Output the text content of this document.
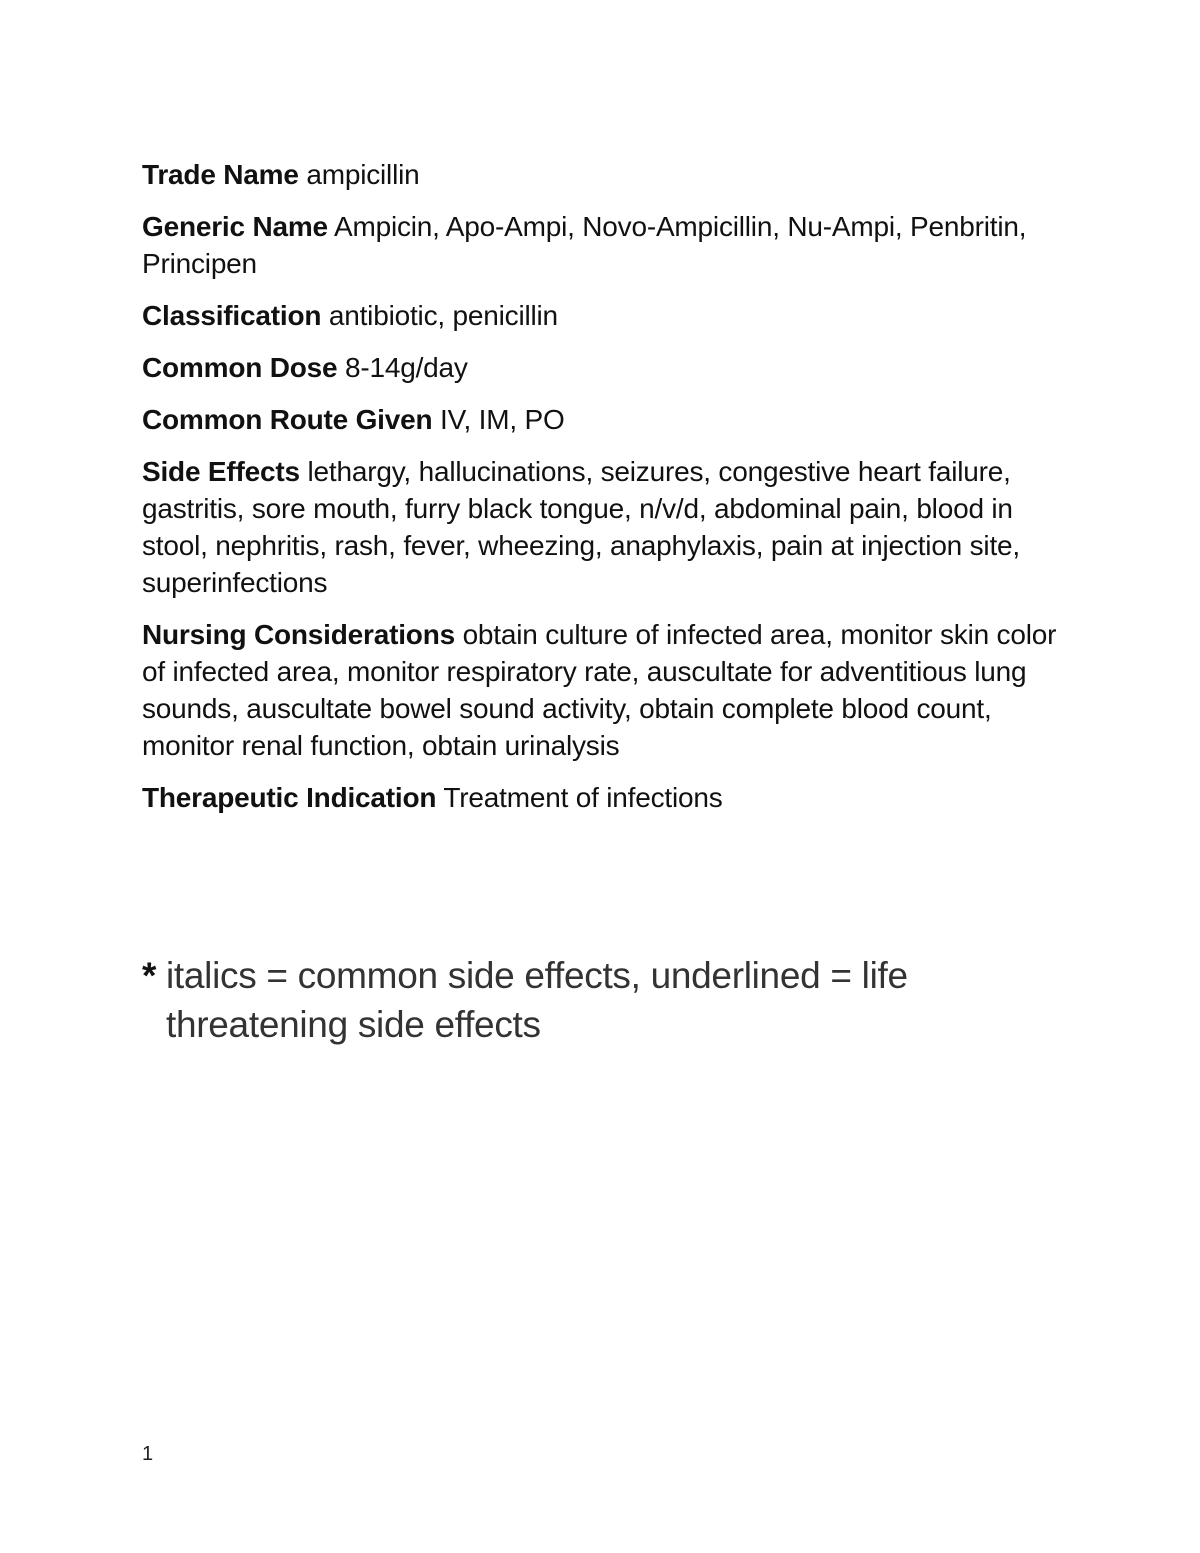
Trade Name ampicillin
Generic Name Ampicin, Apo-Ampi, Novo-Ampicillin, Nu-Ampi, Penbritin, Principen
Classification antibiotic, penicillin
Common Dose 8-14g/day
Common Route Given IV, IM, PO
Side Effects lethargy, hallucinations, seizures, congestive heart failure, gastritis, sore mouth, furry black tongue, n/v/d, abdominal pain, blood in stool, nephritis, rash, fever, wheezing, anaphylaxis, pain at injection site, superinfections
Nursing Considerations obtain culture of infected area, monitor skin color of infected area, monitor respiratory rate, auscultate for adventitious lung sounds, auscultate bowel sound activity, obtain complete blood count, monitor renal function, obtain urinalysis
Therapeutic Indication Treatment of infections
* italics = common side effects, underlined = life threatening side effects
1
